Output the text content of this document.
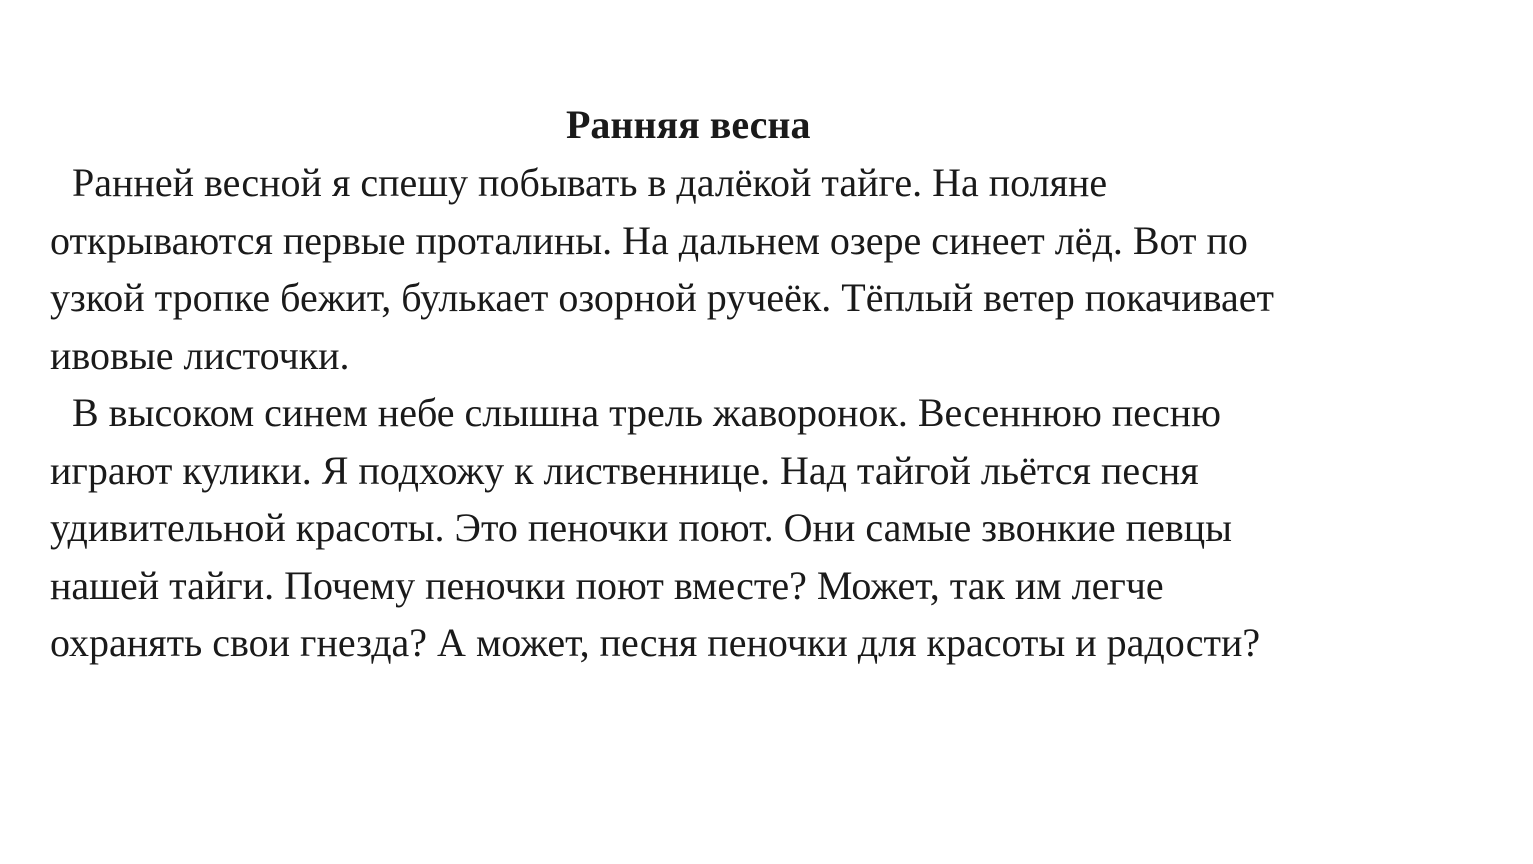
Ранняя весна

Ранней весной я спешу побывать в далёкой тайге. На поляне
открываются первые проталины. На дальнем озере синеет лёд. Вот по
узкой тропке бежит, булькает озорной ручеёк. Тёплый ветер покачивает
ивовые листочки.

В высоком синем небе слышна трель жаворонок. Весеннюю песню
играют кулики. Я подхожу к лиственнице. Над тайгой льётся песня
удивительной красоты. Это пеночки поют. Они самые звонкие певцы
нашей тайги. Почему пеночки поют вместе? Может, так им легче
охранять свои гнезда? А может, песня пеночки для красоты и радости?
